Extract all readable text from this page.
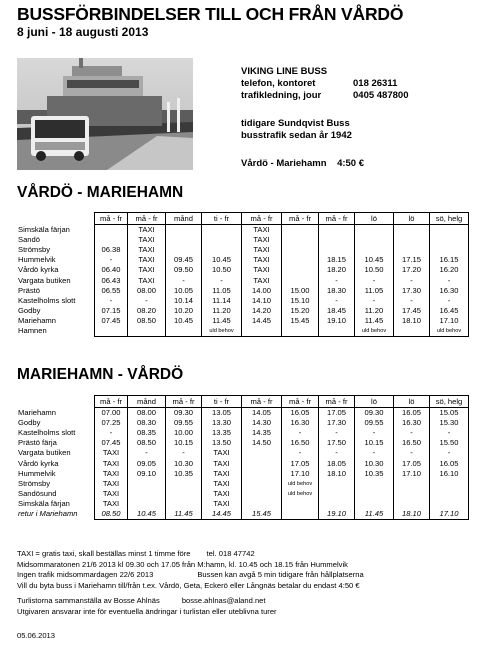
BUSSFÖRBINDELSER TILL OCH FRÅN VÅRDÖ
8 juni - 18 augusti 2013
VIKING LINE BUSS
telefon, kontoret	018 26311
trafikledning, jour	0405 487800
tidigare Sundqvist Buss
busstrafik sedan år 1942
Vårdö - Mariehamn    4:50 €
VÅRDÖ - MARIEHAMN
	må - fr	må - fr	månd	ti - fr	må - fr	må - fr	må - fr	lö	lö	sö, helg
Simskäla färjan		TAXI			TAXI					
Sandö		TAXI			TAXI					
Strömsby	06.38	TAXI			TAXI					
Hummelvik	-	TAXI	09.45	10.45	TAXI		18.15	10.45	17.15	16.15
Vårdö kyrka	06.40	TAXI	09.50	10.50	TAXI		18.20	10.50	17.20	16.20
Vargata butiken	06.43	TAXI	-	-	TAXI		-	-	-	-
Prästö	06.55	08.00	10.05	11.05	14.00	15.00	18.30	11.05	17.30	16.30
Kastelholms slott	-	-	10.14	11.14	14.10	15.10	-	-	-	-
Godby	07.15	08.20	10.20	11.20	14.20	15.20	18.45	11.20	17.45	16.45
Mariehamn	07.45	08.50	10.45	11.45	14.45	15.45	19.10	11.45	18.10	17.10
Hamnen				uld behov				uld behov		uld behov
MARIEHAMN - VÅRDÖ
	må - fr	månd	må - fr	ti - fr	må - fr	må - fr	må - fr	lö	lö	sö, helg
Mariehamn	07.00	08.00	09.30	13.05	14.05	16.05	17.05	09.30	16.05	15.05
Godby	07.25	08.30	09.55	13.30	14.30	16.30	17.30	09.55	16.30	15.30
Kastelholms slott	-	08.35	10.00	13.35	14.35	-	-	-	-	-
Prästö färja	07.45	08.50	10.15	13.50	14.50	16.50	17.50	10.15	16.50	15.50
Vargata butiken	TAXI	-	-	TAXI		-	-	-	-	-
Vårdö kyrka	TAXI	09.05	10.30	TAXI		17.05	18.05	10.30	17.05	16.05
Hummelvik	TAXI	09.10	10.35	TAXI		17.10	18.10	10.35	17.10	16.10
Strömsby	TAXI			TAXI		uld behov				
Sandösund	TAXI			TAXI		uld behov				
Simskäla färjan	TAXI			TAXI						
retur i Mariehamn	08.50	10.45	11.45	14.45	15.45		19.10	11.45	18.10	17.10
TAXI = gratis taxi, skall beställas minst 1 timme före tel. 018 47742
Midsommaratonen 21/6 2013 kl 09.30 och 17.05 från M:hamn, kl. 10.45 och 18.15 från Hummelvik
Ingen trafik midsommardagen 22/6 2013	Bussen kan avgå 5 min tidigare från hållplatserna
Vill du byta buss i Mariehamn till/från t.ex. Vårdö, Geta, Eckerö eller Långnäs betalar du endast 4:50 €
Turlistorna sammanställa av Bosse Ahlnäs	bosse.ahlnas@aland.net
Utgivaren ansvarar inte för eventuella ändringar i turlistan eller uteblivna turer
05.06.2013
